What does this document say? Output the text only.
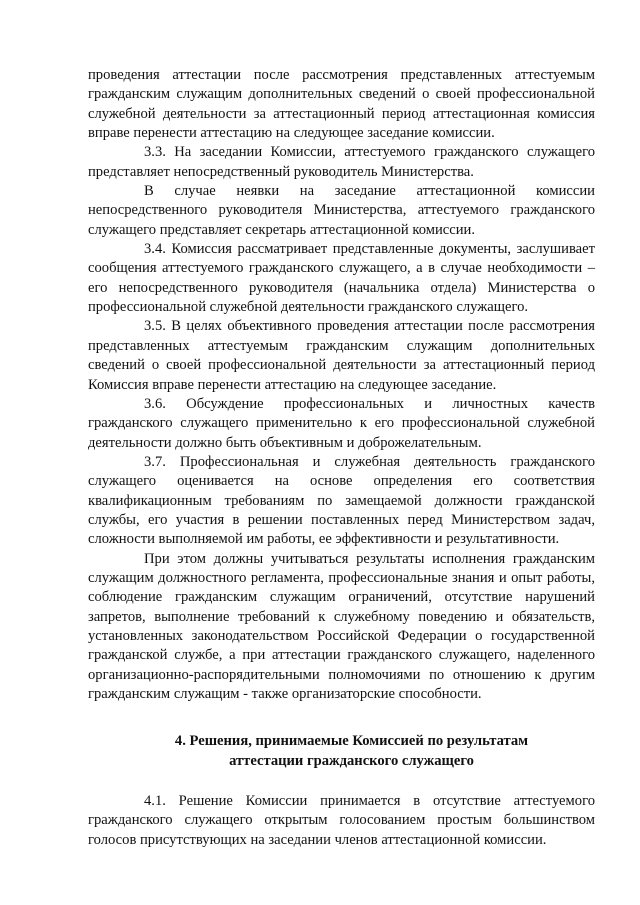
проведения аттестации после рассмотрения представленных аттестуемым гражданским служащим дополнительных сведений о своей профессиональной служебной деятельности за аттестационный период аттестационная комиссия вправе перенести аттестацию на следующее заседание комиссии.

3.3. На заседании Комиссии, аттестуемого гражданского служащего представляет непосредственный руководитель Министерства.

В случае неявки на заседание аттестационной комиссии непосредственного руководителя Министерства, аттестуемого гражданского служащего представляет секретарь аттестационной комиссии.

3.4. Комиссия рассматривает представленные документы, заслушивает сообщения аттестуемого гражданского служащего, а в случае необходимости – его непосредственного руководителя (начальника отдела) Министерства о профессиональной служебной деятельности гражданского служащего.

3.5. В целях объективного проведения аттестации после рассмотрения представленных аттестуемым гражданским служащим дополнительных сведений о своей профессиональной деятельности за аттестационный период Комиссия вправе перенести аттестацию на следующее заседание.

3.6. Обсуждение профессиональных и личностных качеств гражданского служащего применительно к его профессиональной служебной деятельности должно быть объективным и доброжелательным.

3.7. Профессиональная и служебная деятельность гражданского служащего оценивается на основе определения его соответствия квалификационным требованиям по замещаемой должности гражданской службы, его участия в решении поставленных перед Министерством задач, сложности выполняемой им работы, ее эффективности и результативности.

При этом должны учитываться результаты исполнения гражданским служащим должностного регламента, профессиональные знания и опыт работы, соблюдение гражданским служащим ограничений, отсутствие нарушений запретов, выполнение требований к служебному поведению и обязательств, установленных законодательством Российской Федерации о государственной гражданской службе, а при аттестации гражданского служащего, наделенного организационно-распорядительными полномочиями по отношению к другим гражданским служащим - также организаторские способности.

4. Решения, принимаемые Комиссией по результатам

аттестации гражданского служащего

4.1. Решение Комиссии принимается в отсутствие аттестуемого гражданского служащего открытым голосованием простым большинством голосов присутствующих на заседании членов аттестационной комиссии.
